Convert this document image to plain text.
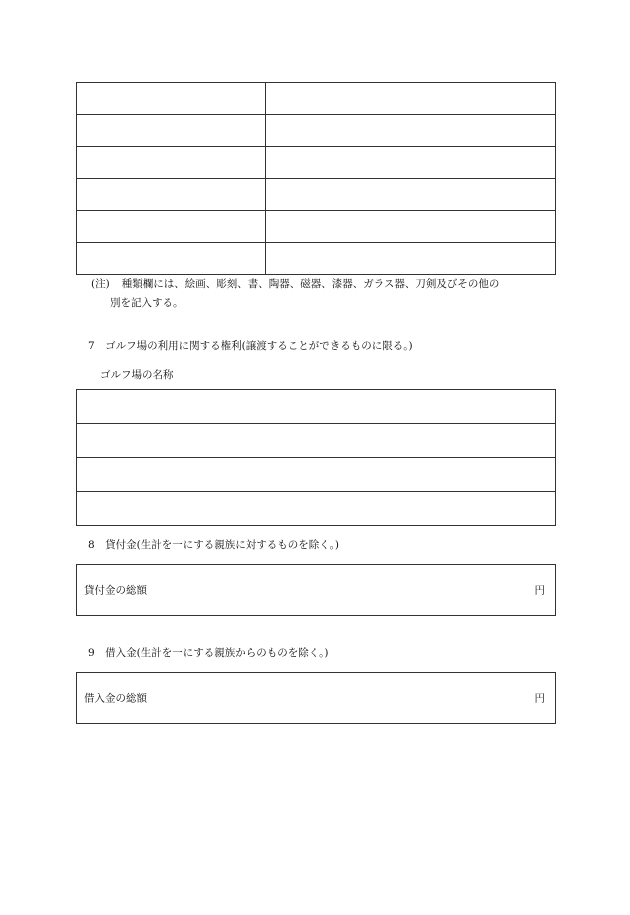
(注) 種類欄には、絵画、彫刻、書、陶器、磁器、漆器、ガラス器、刀剣及びその他の
別を記入する。
7　ゴルフ場の利用に関する権利(譲渡することができるものに限る。)
ゴルフ場の名称

8　貸付金(生計を一にする親族に対するものを除く。)
貸付金の総額	円
9　借入金(生計を一にする親族からのものを除く。)
借入金の総額	円
